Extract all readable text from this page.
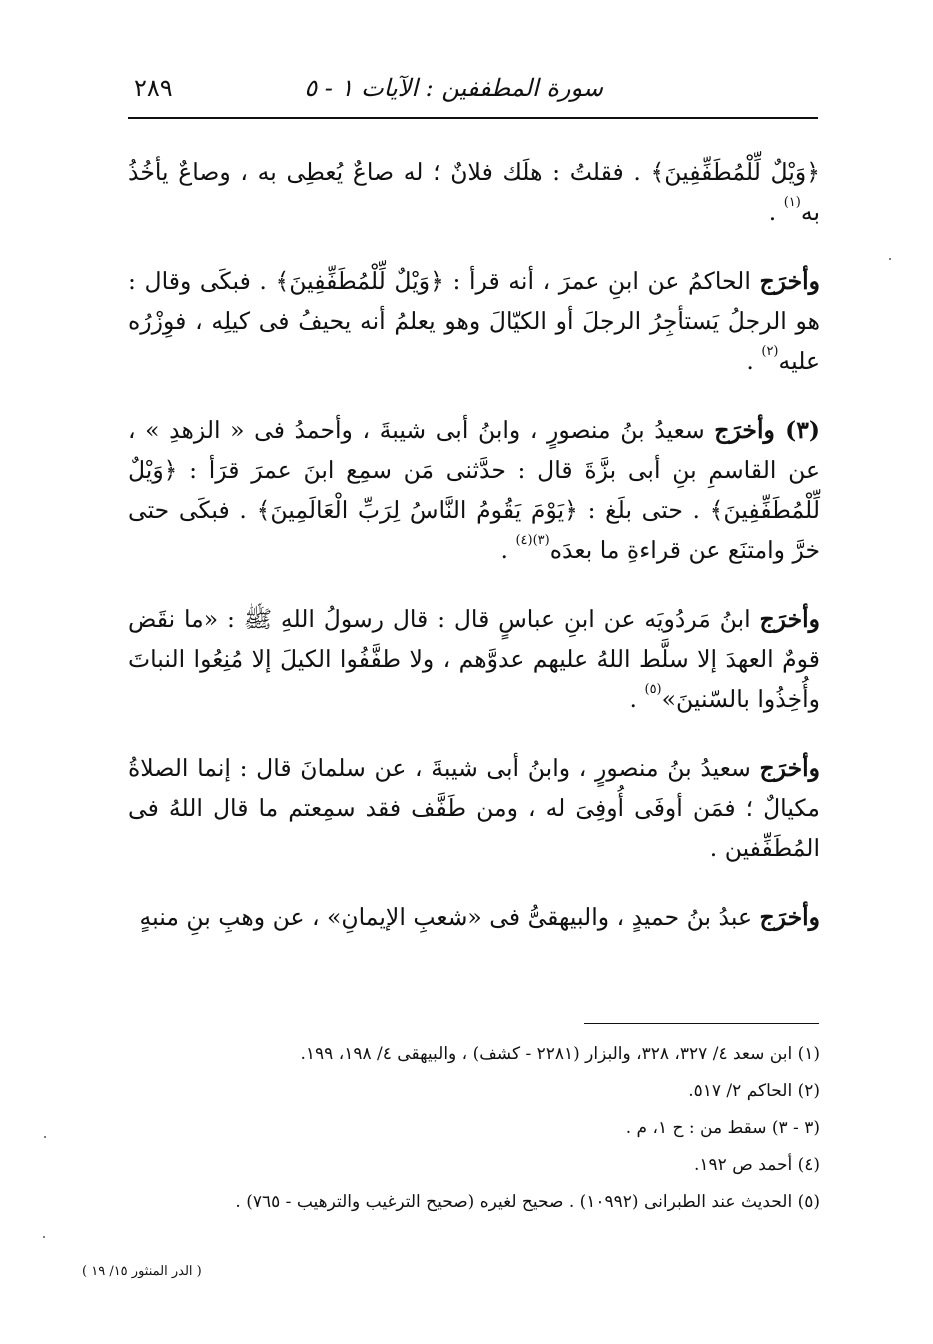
سورة المطففين : الآيات ١ - ٥
٢٨٩

﴿وَيْلٌ لِّلْمُطَفِّفِينَ﴾ . فقلتُ : هلَك فلانٌ ؛ له صاعٌ يُعطِى به ، وصاعٌ يأخُذُ به$^{(١)}$ .

وأخرَج الحاكمُ عن ابنِ عمرَ ، أنه قرأ : ﴿وَيْلٌ لِّلْمُطَفِّفِينَ﴾ . فبكَى وقال : هو الرجلُ يَستأجِرُ الرجلَ أو الكيّالَ وهو يعلمُ أنه يحيفُ فى كيلِه ، فوِزْرُه عليه$^{(٢)}$ .

(٣) وأخرَج سعيدُ بنُ منصورٍ ، وابنُ أبى شيبةَ ، وأحمدُ فى « الزهدِ » ، عن القاسمِ بنِ أبى بزَّةَ قال : حدَّثنى مَن سمِع ابنَ عمرَ قرَأ : ﴿وَيْلٌ لِّلْمُطَفِّفِينَ﴾ . حتى بلَغ : ﴿يَوْمَ يَقُومُ النَّاسُ لِرَبِّ الْعَالَمِينَ﴾ . فبكَى حتى خرَّ وامتنَع عن قراءةِ ما بعدَه$^{(٣)(٤)}$ .

وأخرَج ابنُ مَردُويَه عن ابنِ عباسٍ قال : قال رسولُ اللهِ ﷺ : «ما نقَض قومٌ العهدَ إلا سلَّط اللهُ عليهم عدوَّهم ، ولا طفَّفُوا الكيلَ إلا مُنِعُوا النباتَ وأُخِذُوا بالسّنينَ»$^{(٥)}$ .

وأخرَج سعيدُ بنُ منصورٍ ، وابنُ أبى شيبةَ ، عن سلمانَ قال : إنما الصلاةُ مكيالٌ ؛ فمَن أوفَى أُوفِىَ له ، ومن طَفَّف فقد سمِعتم ما قال اللهُ فى المُطَفِّفين .

وأخرَج عبدُ بنُ حميدٍ ، والبيهقىُّ فى «شعبِ الإيمانِ» ، عن وهبِ بنِ منبهٍ

(١) ابن سعد ٤/ ٣٢٧، ٣٢٨، والبزار (٢٢٨١ - كشف) ، والبيهقى ٤/ ١٩٨، ١٩٩.

(٢) الحاكم ٢/ ٥١٧.

(٣ - ٣) سقط من : ح ١، م .

(٤) أحمد ص ١٩٢.

(٥) الحديث عند الطبرانى (١٠٩٩٢) . صحيح لغيره (صحيح الترغيب والترهيب - ٧٦٥) .

( الدر المنثور ١٥/ ١٩ )
